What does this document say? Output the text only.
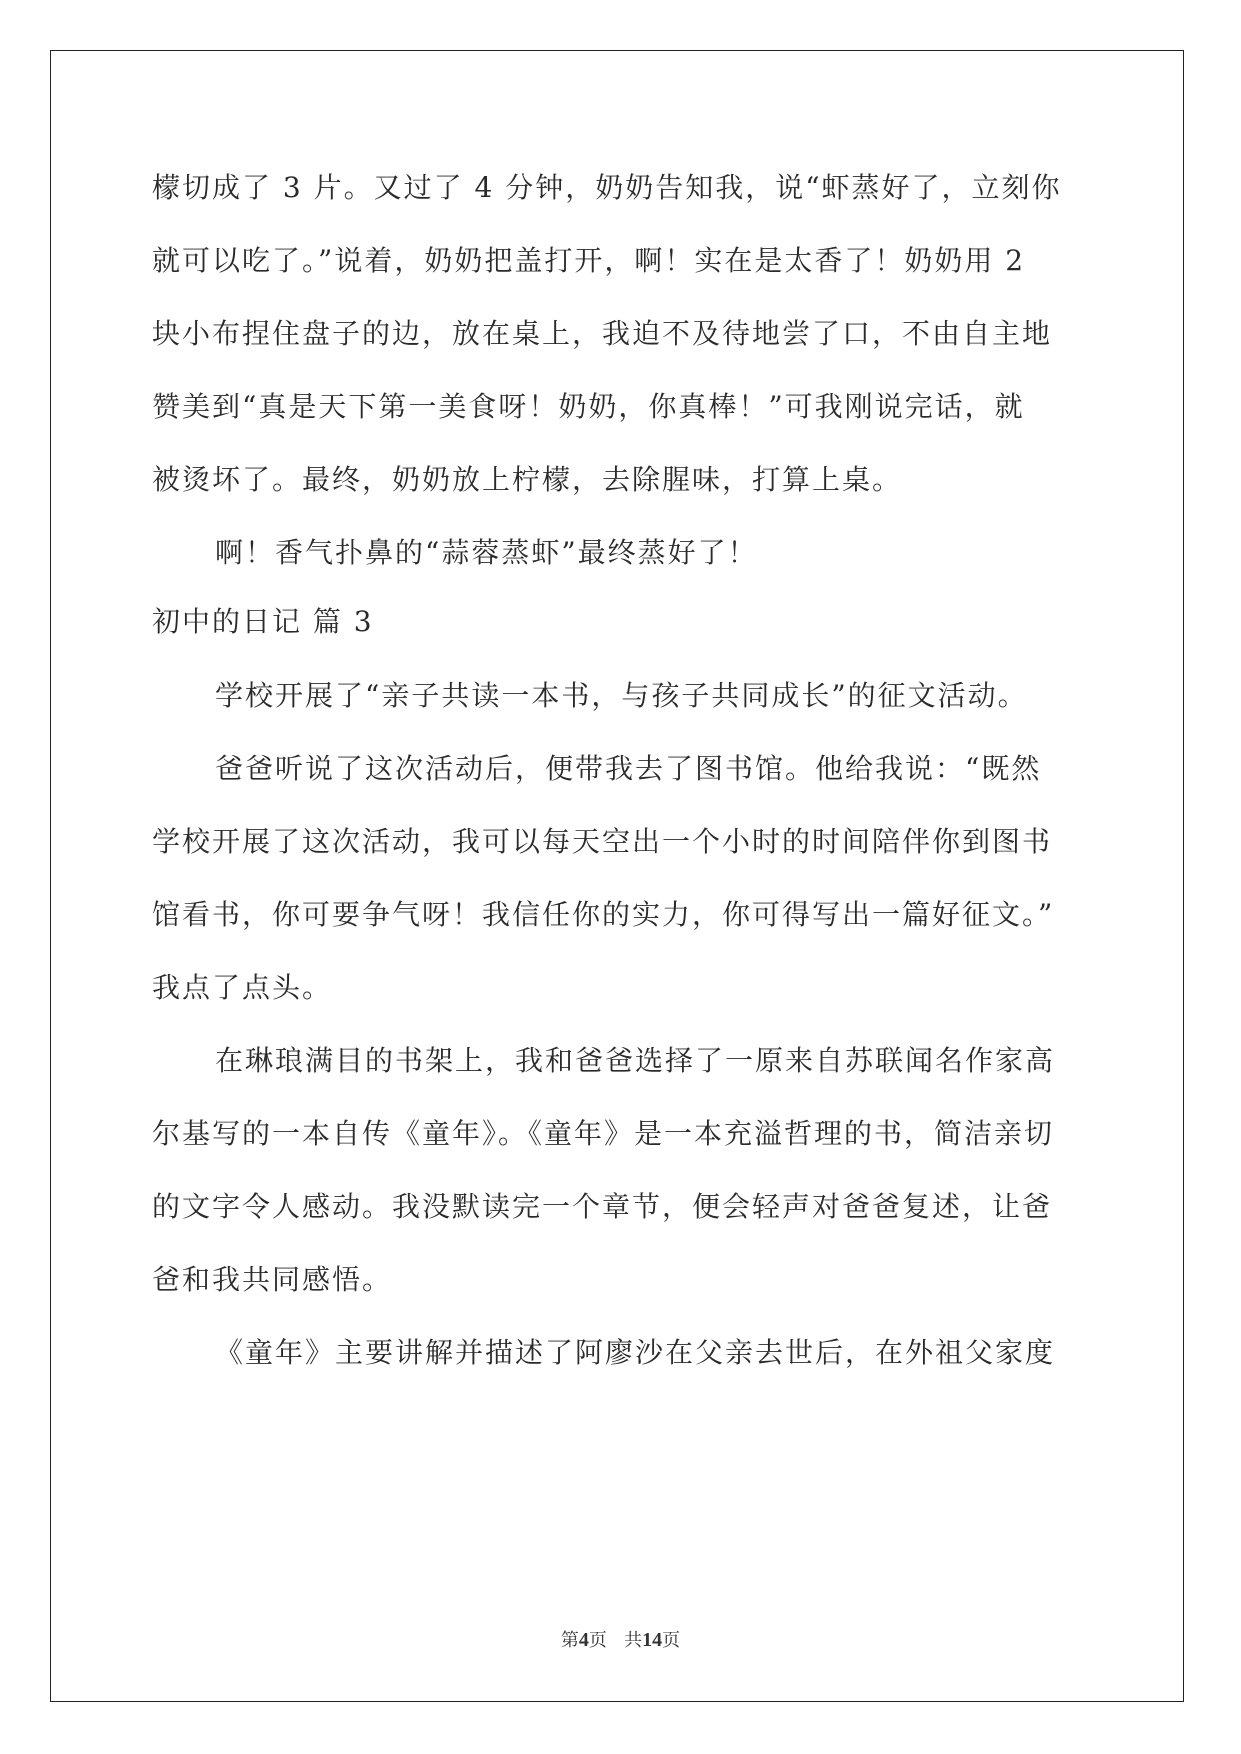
檬切成了 3 片。又过了 4 分钟，奶奶告知我，说“虾蒸好了，立刻你
就可以吃了。”说着，奶奶把盖打开，啊！实在是太香了！奶奶用 2
块小布捏住盘子的边，放在桌上，我迫不及待地尝了口，不由自主地
赞美到“真是天下第一美食呀！奶奶，你真棒！”可我刚说完话，就
被烫坏了。最终，奶奶放上柠檬，去除腥味，打算上桌。
啊！香气扑鼻的“蒜蓉蒸虾”最终蒸好了！
初中的日记 篇 3
学校开展了“亲子共读一本书，与孩子共同成长”的征文活动。
爸爸听说了这次活动后，便带我去了图书馆。他给我说：“既然
学校开展了这次活动，我可以每天空出一个小时的时间陪伴你到图书
馆看书，你可要争气呀！我信任你的实力，你可得写出一篇好征文。”
我点了点头。
在琳琅满目的书架上，我和爸爸选择了一原来自苏联闻名作家高
尔基写的一本自传《童年》。《童年》是一本充溢哲理的书，简洁亲切
的文字令人感动。我没默读完一个章节，便会轻声对爸爸复述，让爸
爸和我共同感悟。
《童年》主要讲解并描述了阿廖沙在父亲去世后，在外祖父家度
第4页   共14页
